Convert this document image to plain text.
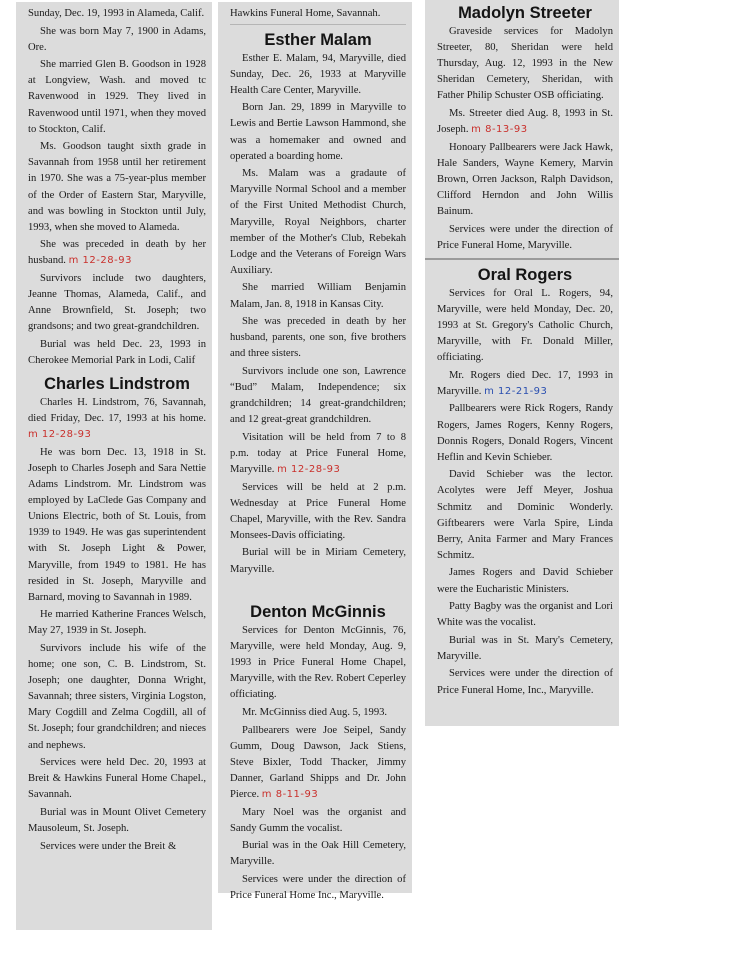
Sunday, Dec. 19, 1993 in Alameda, Calif.

She was born May 7, 1900 in Adams, Ore.

She married Glen B. Goodson in 1928 at Longview, Wash. and moved tc Ravenwood in 1929. They lived in Ravenwood until 1971, when they moved to Stockton, Calif.

Ms. Goodson taught sixth grade in Savannah from 1958 until her retirement in 1970. She was a 75-year-plus member of the Order of Eastern Star, Maryville, and was bowling in Stockton until July, 1993, when she moved to Alameda.

She was preceded in death by her husband. m 12-28-93

Survivors include two daughters, Jeanne Thomas, Alameda, Calif., and Anne Brownfield, St. Joseph; two grandsons; and two great-grandchildren.

Burial was held Dec. 23, 1993 in Cherokee Memorial Park in Lodi, Calif

Charles Lindstrom

Charles H. Lindstrom, 76, Savannah, died Friday, Dec. 17, 1993 at his home. m 12-28-93

He was born Dec. 13, 1918 in St. Joseph to Charles Joseph and Sara Nettie Adams Lindstrom. Mr. Lindstrom was employed by LaClede Gas Company and Unions Electric, both of St. Louis, from 1939 to 1949. He was gas superintendent with St. Joseph Light & Power, Maryville, from 1949 to 1981. He has resided in St. Joseph, Maryville and Barnard, moving to Savannah in 1989.

He married Katherine Frances Welsch, May 27, 1939 in St. Joseph.

Survivors include his wife of the home; one son, C. B. Lindstrom, St. Joseph; one daughter, Donna Wright, Savannah; three sisters, Virginia Logston, Mary Cogdill and Zelma Cogdill, all of St. Joseph; four grandchildren; and nieces and nephews.

Services were held Dec. 20, 1993 at Breit & Hawkins Funeral Home Chapel., Savannah.

Burial was in Mount Olivet Cemetery Mausoleum, St. Joseph.

Services were under the Breit &

Hawkins Funeral Home, Savannah.

Esther Malam

Esther E. Malam, 94, Maryville, died Sunday, Dec. 26, 1933 at Maryville Health Care Center, Maryville.

Born Jan. 29, 1899 in Maryville to Lewis and Bertie Lawson Hammond, she was a homemaker and owned and operated a boarding home.

Ms. Malam was a gradaute of Maryville Normal School and a member of the First United Methodist Church, Maryville, Royal Neighbors, charter member of the Mother's Club, Rebekah Lodge and the Veterans of Foreign Wars Auxiliary.

She married William Benjamin Malam, Jan. 8, 1918 in Kansas City.

She was preceded in death by her husband, parents, one son, five brothers and three sisters.

Survivors include one son, Lawrence “Bud” Malam, Independence; six grandchildren; 14 great-grandchildren; and 12 great-great grandchildren.

Visitation will be held from 7 to 8 p.m. today at Price Funeral Home, Maryville. m 12-28-93

Services will be held at 2 p.m. Wednesday at Price Funeral Home Chapel, Maryville, with the Rev. Sandra Monsees-Davis officiating.

Burial will be in Miriam Cemetery, Maryville.

Denton McGinnis

Services for Denton McGinnis, 76, Maryville, were held Monday, Aug. 9, 1993 in Price Funeral Home Chapel, Maryville, with the Rev. Robert Ceperley officiating.

Mr. McGinniss died Aug. 5, 1993.

Pallbearers were Joe Seipel, Sandy Gumm, Doug Dawson, Jack Stiens, Steve Bixler, Todd Thacker, Jimmy Danner, Garland Shipps and Dr. John Pierce. m 8-11-93

Mary Noel was the organist and Sandy Gumm the vocalist.

Burial was in the Oak Hill Cemetery, Maryville.

Services were under the direction of Price Funeral Home Inc., Maryville.

Madolyn Streeter

Graveside services for Madolyn Streeter, 80, Sheridan were held Thursday, Aug. 12, 1993 in the New Sheridan Cemetery, Sheridan, with Father Philip Schuster OSB officiating.

Ms. Streeter died Aug. 8, 1993 in St. Joseph. m 8-13-93

Honoary Pallbearers were Jack Hawk, Hale Sanders, Wayne Kemery, Marvin Brown, Orren Jackson, Ralph Davidson, Clifford Herndon and John Willis Bainum.

Services were under the direction of Price Funeral Home, Maryville.

Oral Rogers

Services for Oral L. Rogers, 94, Maryville, were held Monday, Dec. 20, 1993 at St. Gregory's Catholic Church, Maryville, with Fr. Donald Miller, officiating.

Mr. Rogers died Dec. 17, 1993 in Maryville. m 12-21-93

Pallbearers were Rick Rogers, Randy Rogers, James Rogers, Kenny Rogers, Donnis Rogers, Donald Rogers, Vincent Heflin and Kevin Schieber.

David Schieber was the lector. Acolytes were Jeff Meyer, Joshua Schmitz and Dominic Wonderly. Giftbearers were Varla Spire, Linda Berry, Anita Farmer and Mary Frances Schmitz.

James Rogers and David Schieber were the Eucharistic Ministers.

Patty Bagby was the organist and Lori White was the vocalist.

Burial was in St. Mary's Cemetery, Maryville.

Services were under the direction of Price Funeral Home, Inc., Maryville.
